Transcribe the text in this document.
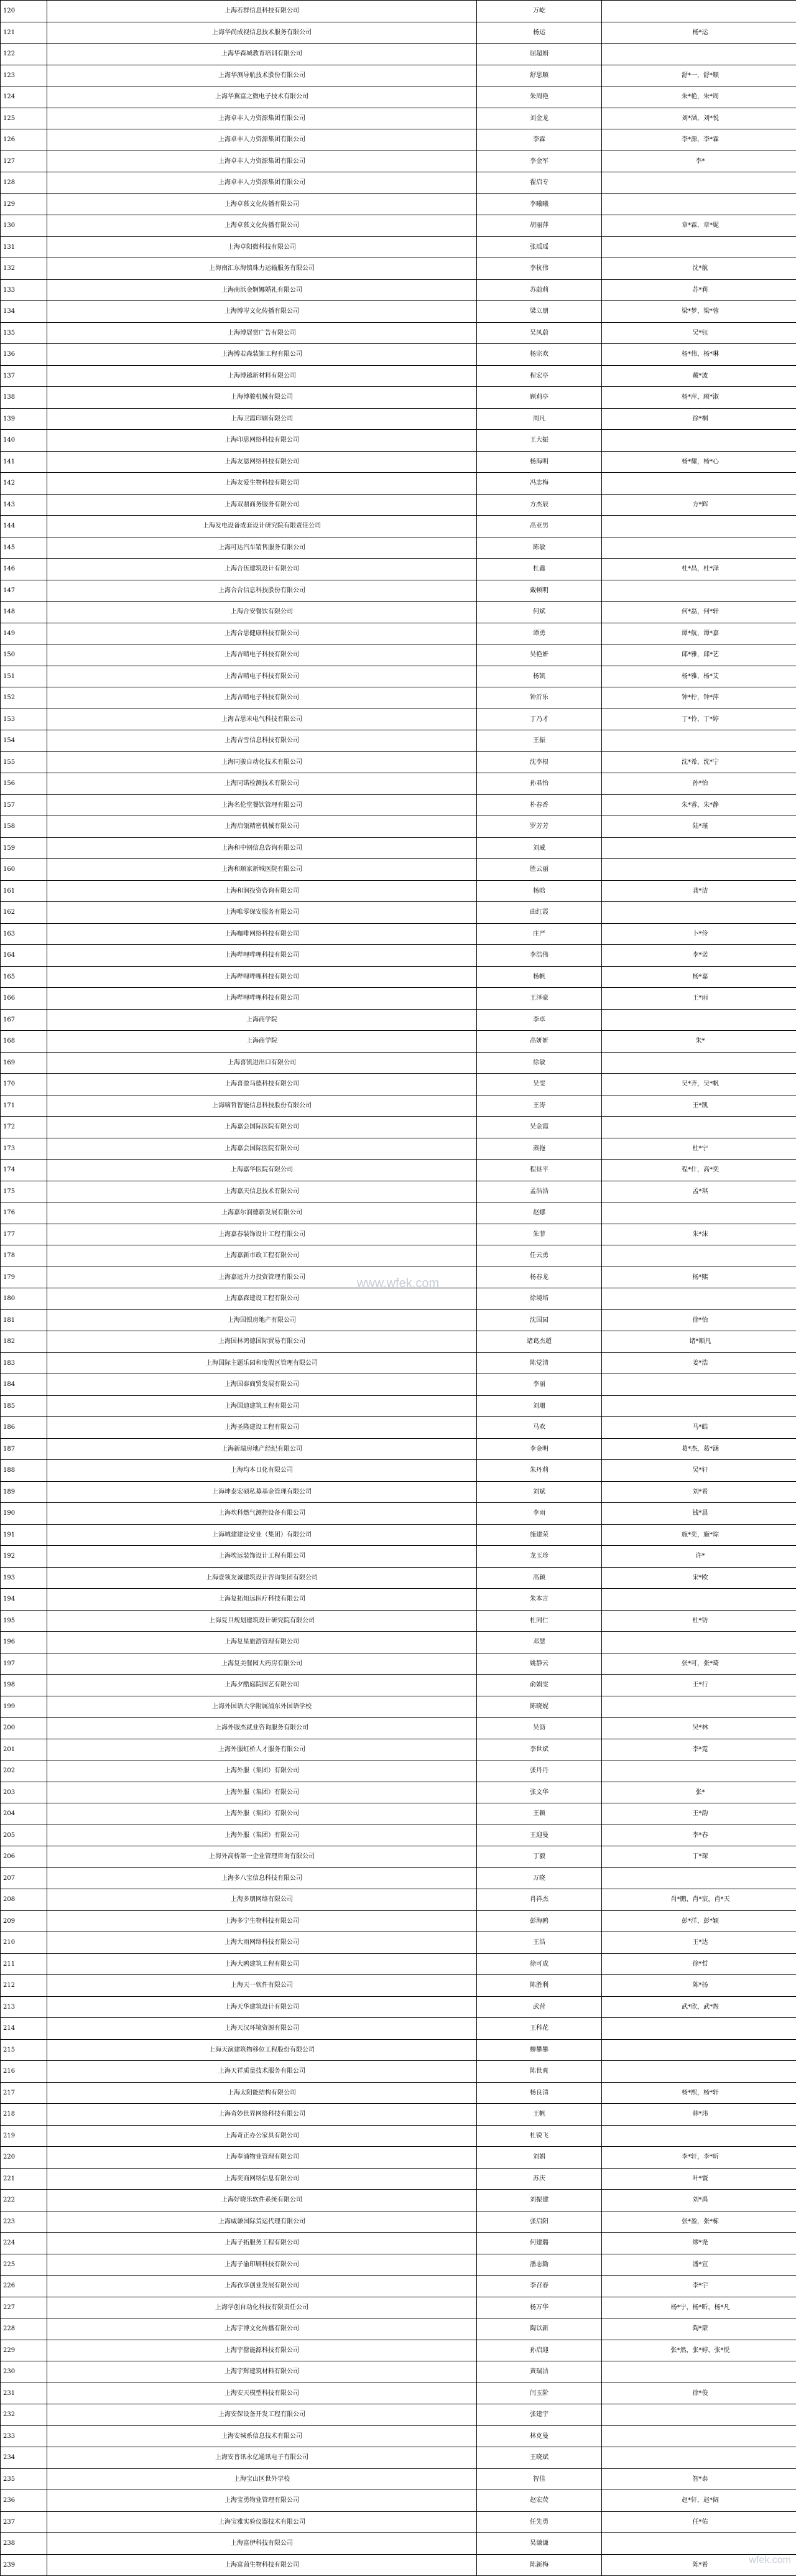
120	上海若群信息科技有限公司	万屹	
121	上海华尚成视信息技术服务有限公司	杨运	杨*运
122	上海华森城教育培训有限公司	屈超娟	
123	上海华测导航技术股份有限公司	舒思顺	舒*一，舒*顺
124	上海华翼富之微电子技术有限公司	朱周艳	朱*艳，朱*周
125	上海卓丰人力资源集团有限公司	刘金龙	刘*涵，刘*悦
126	上海卓丰人力资源集团有限公司	李霖	李*源，李*霖
127	上海卓丰人力资源集团有限公司	李金军	李*
128	上海卓丰人力资源集团有限公司	翟启专	
129	上海卓慕文化传播有限公司	李曦曦	
130	上海卓慕文化传播有限公司	胡丽萍	章*霖，章*妮
131	上海卓阳微科技有限公司	张瑶瑶	
132	上海南汇东海镇珠力运输服务有限公司	李杭伟	沈*航
133	上海南浜金婀娜婚礼有限公司	苏蔚莉	苏*莉
134	上海博岑文化传播有限公司	梁立朋	梁*梦，梁*蓉
135	上海博展赏广告有限公司	吴凤蔚	吴*钰
136	上海博若森装饰工程有限公司	杨宗欢	杨*伟，杨*琳
137	上海博越新材料有限公司	程宏亭	戴*波
138	上海博骏机械有限公司	顾莉亭	杨*萍，顾*淑
139	上海卫霞印刷有限公司	周凡	徐*桐
140	上海印思网络科技有限公司	王大振	
141	上海友恩网络科技有限公司	杨海明	杨*耀，杨*心
142	上海友爱生物科技有限公司	冯志梅	
143	上海双鼎商务服务有限公司	方杰辰	方*辉
144	上海发电设备成套设计研究院有限责任公司	高亚男	
145	上海可达汽车销售服务有限公司	陈敏	
146	上海合伍建筑设计有限公司	杜鑫	杜*昌，杜*泽
147	上海合合信息科技股份有限公司	戴顿明	
148	上海合安餐饮有限公司	何斌	何*磊，何*轩
149	上海合思健康科技有限公司	谭勇	谭*航，谭*嘉
150	上海吉晴电子科技有限公司	吴艳妍	邱*雅，邱*艺
151	上海吉晴电子科技有限公司	杨凯	杨*雅，杨*艾
152	上海吉晴电子科技有限公司	钟沂乐	钟*柠，钟*萍
153	上海吉思米电气科技有限公司	丁乃才	丁*怜，丁*婷
154	上海吉雪信息科技有限公司	王振	
155	上海同骏自动化技术有限公司	沈李根	沈*希，沈*宁
156	上海同诺检测技术有限公司	孙君怡	孙*怡
157	上海名伦堂餐饮管理有限公司	朴春香	朱*睿，朱*静
158	上海启瓴精密机械有限公司	罗芳芳	陆*瑾
159	上海和中钢信息咨询有限公司	刘威	
160	上海和顺家新城医院有限公司	胜云丽	
161	上海和润投资咨询有限公司	杨晗	龚*洁
162	上海唯零保安服务有限公司	曲红霞	
163	上海咖啡网络科技有限公司	庄严	卜*伶
164	上海哔哩哔哩科技有限公司	李浩伟	李*诺
165	上海哔哩哔哩科技有限公司	杨帆	杨*嘉
166	上海哔哩哔哩科技有限公司	王泽豪	王*雨
167	上海商学院	李卓	
168	上海商学院	高妍妍	朱*
169	上海喜凯进出口有限公司	徐敏	
170	上海喜盈马德科技有限公司	吴雯	吴*齐，吴*帆
171	上海嘀哲智能信息科技股份有限公司	王涛	王*凯
172	上海嘉会国际医院有限公司	吴金霞	
173	上海嘉会国际医院有限公司	蒸拖	杜*宁
174	上海嘉华医院有限公司	程昼平	程*什，高*奕
175	上海嘉天信息技术有限公司	孟浩浩	孟*琪
176	上海嘉尔润德新发展有限公司	赵娜	
177	上海嘉春装饰设计工程有限公司	朱菲	朱*沫
178	上海嘉新市政工程有限公司	任云勇	
179	上海嘉远升力投资管理有限公司	杨春龙	杨*熙
180	上海嘉森建设工程有限公司	徐境培	
181	上海国银房地产有限公司	沈国园	徐*怡
182	上海国林鸿德国际贸易有限公司	诸葛杰超	诸*顺凡
183	上海国际主题乐园和度假区管理有限公司	陈觉清	姜*浩
184	上海国泰商贸发展有限公司	李丽	
185	上海国迪建筑工程有限公司	刘珊	
186	上海圣隆建设工程有限公司	马欢	马*皓
187	上海新瑞房地产经纪有限公司	李金明	葛*杰，葛*涵
188	上海均本日化有限公司	朱丹莉	吴*轩
189	上海坤泰宏硕私募基金管理有限公司	刘斌	刘*希
190	上海坎科燃气测控设备有限公司	李雨	钱*晨
191	上海城建建设安业（集团）有限公司	施建荣	施*奕，施*琮
192	上海埃远装饰设计工程有限公司	龙玉珍	许*
193	上海壹领友诚建筑设计咨询集团有限公司	高颖	宋*欧
194	上海复拓知远医疗科技有限公司	朱本言	
195	上海复旦规划建筑设计研究院有限公司	杜同仁	杜*钫
196	上海复星旅游管理有限公司	邓慧	
197	上海复美餐园大药房有限公司	姚静云	张*可，张*琦
198	上海夕酷庭院园艺有限公司	俞娟雯	王*行
199	上海外国语大学附属浦东外国语学校	陈晓妮	
200	上海外服杰就业咨询服务有限公司	吴沥	吴*林
201	上海外服虹桥人才服务有限公司	李世斌	李*霓
202	上海外服（集团）有限公司	张丹丹	
203	上海外服（集团）有限公司	张文华	张*
204	上海外服（集团）有限公司	王颖	王*韵
205	上海外服（集团）有限公司	王迎曼	李*春
206	上海外高桥第一企业管理咨询有限公司	丁毅	丁*琛
207	上海多八宝信息科技有限公司	万晓	
208	上海多朋网络有限公司	肖祥杰	肖*鹏，肖*宸，肖*天
209	上海多宁生物科技有限公司	彭海鸥	彭*洋，彭*颖
210	上海大雨网络科技有限公司	王浩	王*达
211	上海大鸥建筑工程有限公司	徐可成	徐*哲
212	上海天一软件有限公司	陈胜利	陈*扬
213	上海天华建筑设计有限公司	武营	武*欣，武*煜
214	上海天汉环境资源有限公司	王科花	
215	上海天演建筑物移位工程股份有限公司	柳攀攀	
216	上海天祥质量技术服务有限公司	陈世爽	
217	上海太阳能结构有限公司	杨良清	杨*熙，杨*轩
218	上海奇妙世界网络科技有限公司	王帆	韩*玮
219	上海奇正办公家具有限公司	杜锐飞	
220	上海奉浦物业管理有限公司	刘娟	李*轩，李*昕
221	上海奕商网络信息有限公司	苏庆	叶*寰
222	上海好晓乐软件系统有限公司	刘振建	刘*禹
223	上海威谦国际货运代理有限公司	张启阳	张*盈，张*栋
224	上海子拓服务工程有限公司	何建璐	缪*尧
225	上海子渝印刷科技有限公司	潘志勤	潘*宣
226	上海孜享创业发展有限公司	李召春	李*宇
227	上海学创自动化科技有限责任公司	杨万华	杨*宁，杨*昕，杨*凡
228	上海宇博文化传播有限公司	陶以新	陶*蒙
229	上海宇罄能源科技有限公司	孙启迎	张*然，张*婷，张*悦
230	上海宇辉建筑材料有限公司	黄瑞洁	
231	上海安天模型科技有限公司	闫玉阶	徐*俊
232	上海安保设备开发工程有限公司	张建宇	
233	上海安城系信息技术有限公司	林克曼	
234	上海安普讯永亿通讯电子有限公司	王晓斌	
235	上海宝山区世外学校	智佳	智*泰
236	上海宝勇物业管理有限公司	赵宏荧	赵*轩，赵*阔
237	上海宝雅实验仪器技术有限公司	任先勇	任*佑
238	上海富伊科技有限公司	吴谦谦	
239	上海富茵生物科技有限公司	陈新梅	陈*希
www.wfek.com
wfek.com
